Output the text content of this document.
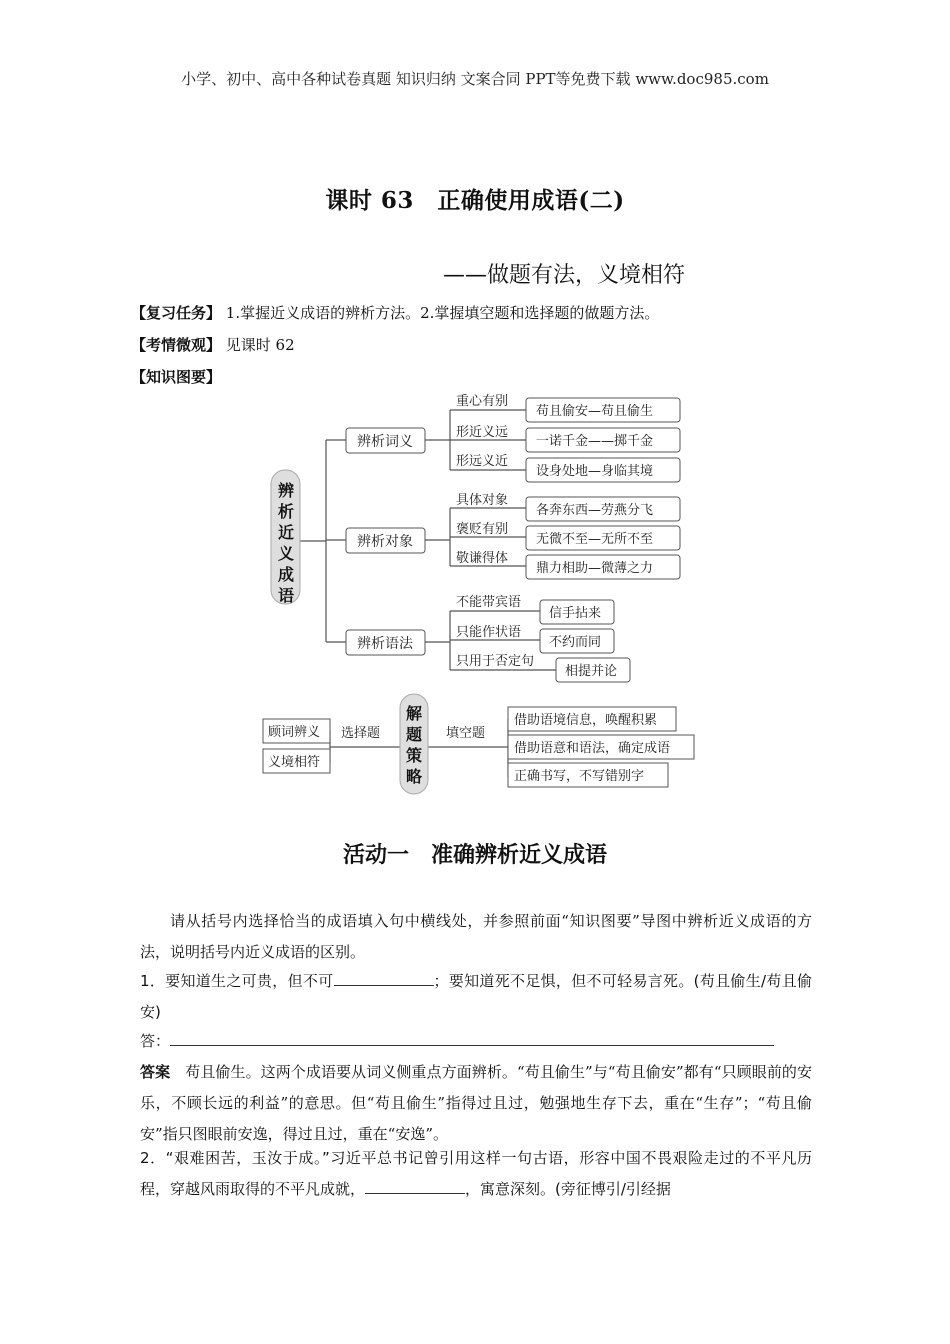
小学、初中、高中各种试卷真题 知识归纳 文案合同 PPT等免费下载 www.doc985.com
课时 63　正确使用成语(二)
——做题有法，义境相符
【复习任务】 1.掌握近义成语的辨析方法。2.掌握填空题和选择题的做题方法。
【考情微观】 见课时 62
【知识图要】
辨
析
近
义
成
语
辨析词义
辨析对象
辨析语法
重心有别
形近义远
形远义近
苟且偷安—苟且偷生
一诺千金——掷千金
设身处地—身临其境
具体对象
褒贬有别
敬谦得体
各奔东西—劳燕分飞
无微不至—无所不至
鼎力相助—微薄之力
不能带宾语
只能作状语
只用于否定句
信手拈来
不约而同
相提并论
顾词辨义
义境相符
选择题
解
题
策
略
填空题
借助语境信息，唤醒积累
借助语意和语法，确定成语
正确书写，不写错别字
活动一　准确辨析近义成语
请从括号内选择恰当的成语填入句中横线处，并参照前面“知识图要”导图中辨析近义成语的方法，说明括号内近义成语的区别。
1．要知道生之可贵，但不可	；要知道死不足惧，但不可轻易言死。(苟且偷生/苟且偷安)
答：
答案　苟且偷生。这两个成语要从词义侧重点方面辨析。“苟且偷生”与“苟且偷安”都有“只顾眼前的安乐，不顾长远的利益”的意思。但“苟且偷生”指得过且过，勉强地生存下去，重在“生存”；“苟且偷安”指只图眼前安逸，得过且过，重在“安逸”。
2．“艰难困苦，玉汝于成。”习近平总书记曾引用这样一句古语，形容中国不畏艰险走过的不平凡历程，穿越风雨取得的不平凡成就，	，寓意深刻。(旁征博引/引经据
